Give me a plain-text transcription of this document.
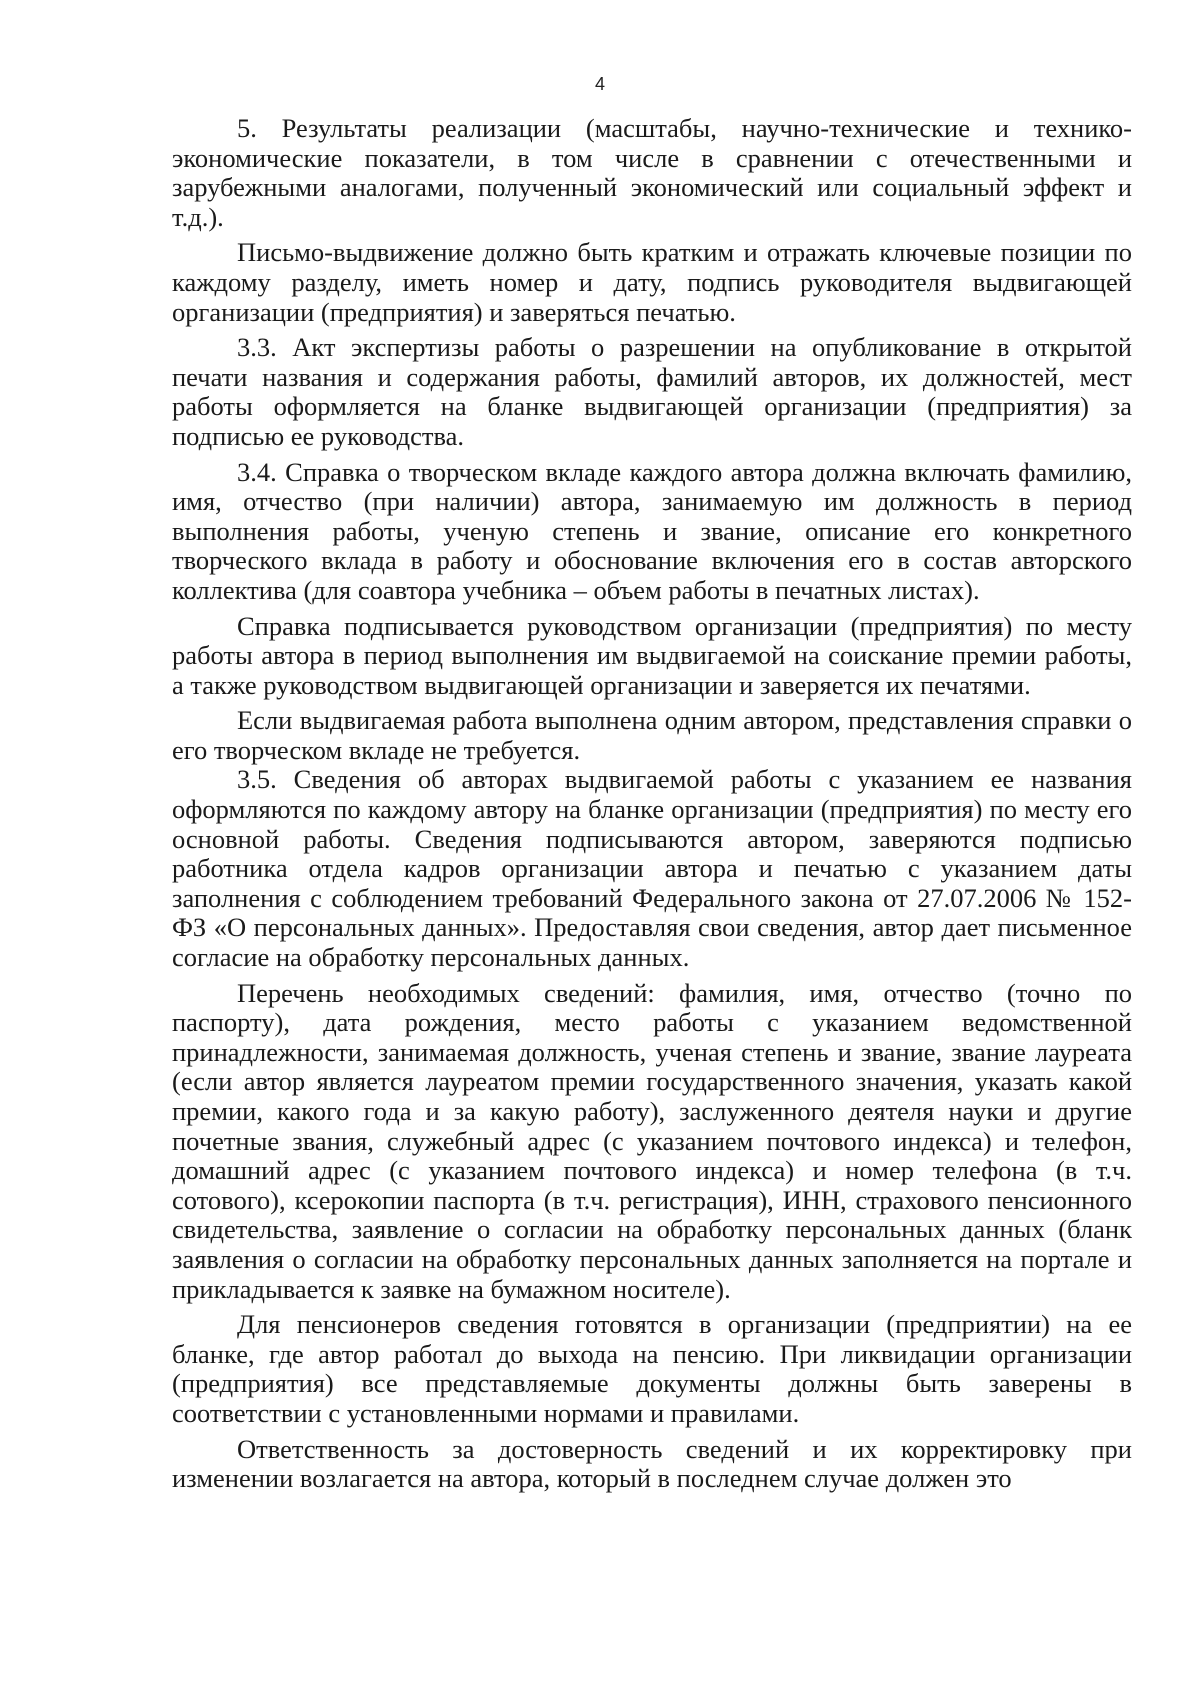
4

5. Результаты реализации (масштабы, научно-технические и технико-экономические показатели, в том числе в сравнении с отечественными и зарубежными аналогами, полученный экономический или социальный эффект и т.д.).

Письмо-выдвижение должно быть кратким и отражать ключевые позиции по каждому разделу, иметь номер и дату, подпись руководителя выдвигающей организации (предприятия) и заверяться печатью.

3.3. Акт экспертизы работы о разрешении на опубликование в открытой печати названия и содержания работы, фамилий авторов, их должностей, мест работы оформляется на бланке выдвигающей организации (предприятия) за подписью ее руководства.

3.4. Справка о творческом вкладе каждого автора должна включать фамилию, имя, отчество (при наличии) автора, занимаемую им должность в период выполнения работы, ученую степень и звание, описание его конкретного творческого вклада в работу и обоснование включения его в состав авторского коллектива (для соавтора учебника – объем работы в печатных листах).

Справка подписывается руководством организации (предприятия) по месту работы автора в период выполнения им выдвигаемой на соискание премии работы, а также руководством выдвигающей организации и заверяется их печатями.

Если выдвигаемая работа выполнена одним автором, представления справки о его творческом вкладе не требуется.

3.5. Сведения об авторах выдвигаемой работы с указанием ее названия оформляются по каждому автору на бланке организации (предприятия) по месту его основной работы. Сведения подписываются автором, заверяются подписью работника отдела кадров организации автора и печатью с указанием даты заполнения с соблюдением требований Федерального закона от 27.07.2006 № 152-ФЗ «О персональных данных». Предоставляя свои сведения, автор дает письменное согласие на обработку персональных данных.

Перечень необходимых сведений: фамилия, имя, отчество (точно по паспорту), дата рождения, место работы с указанием ведомственной принадлежности, занимаемая должность, ученая степень и звание, звание лауреата (если автор является лауреатом премии государственного значения, указать какой премии, какого года и за какую работу), заслуженного деятеля науки и другие почетные звания, служебный адрес (с указанием почтового индекса) и телефон, домашний адрес (с указанием почтового индекса) и номер телефона (в т.ч. сотового), ксерокопии паспорта (в т.ч. регистрация), ИНН, страхового пенсионного свидетельства, заявление о согласии на обработку персональных данных (бланк заявления о согласии на обработку персональных данных заполняется на портале и прикладывается к заявке на бумажном носителе).

Для пенсионеров сведения готовятся в организации (предприятии) на ее бланке, где автор работал до выхода на пенсию. При ликвидации организации (предприятия) все представляемые документы должны быть заверены в соответствии с установленными нормами и правилами.

Ответственность за достоверность сведений и их корректировку при изменении возлагается на автора, который в последнем случае должен это
